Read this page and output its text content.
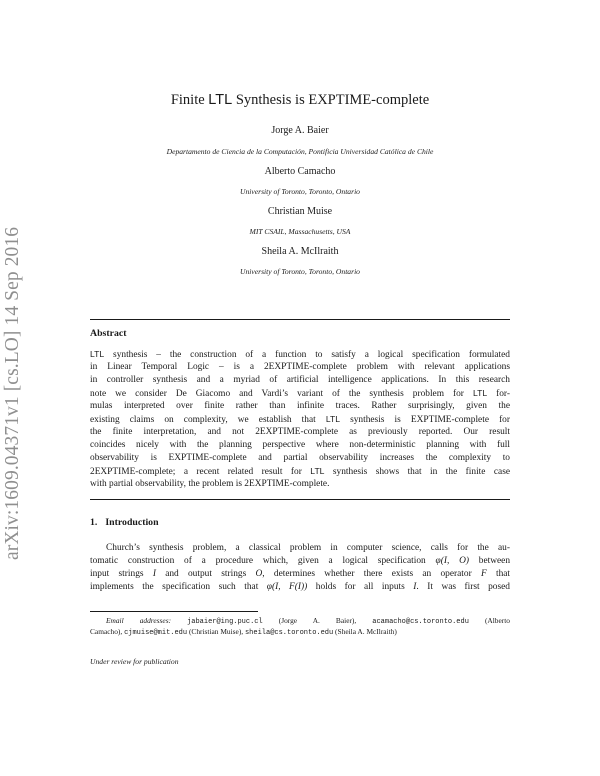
arXiv:1609.04371v1 [cs.LO] 14 Sep 2016
Finite LTL Synthesis is EXPTIME-complete
Jorge A. Baier
Departamento de Ciencia de la Computación, Pontificia Universidad Católica de Chile
Alberto Camacho
University of Toronto, Toronto, Ontario
Christian Muise
MIT CSAIL, Massachusetts, USA
Sheila A. McIlraith
University of Toronto, Toronto, Ontario
Abstract
LTL synthesis – the construction of a function to satisfy a logical specification formulated
in Linear Temporal Logic – is a 2EXPTIME-complete problem with relevant applications
in controller synthesis and a myriad of artificial intelligence applications. In this research
note we consider De Giacomo and Vardi’s variant of the synthesis problem for LTL for-
mulas interpreted over finite rather than infinite traces. Rather surprisingly, given the
existing claims on complexity, we establish that LTL synthesis is EXPTIME-complete for
the finite interpretation, and not 2EXPTIME-complete as previously reported. Our result
coincides nicely with the planning perspective where non-deterministic planning with full
observability is EXPTIME-complete and partial observability increases the complexity to
2EXPTIME-complete; a recent related result for LTL synthesis shows that in the finite case
with partial observability, the problem is 2EXPTIME-complete.
1. Introduction
Church’s synthesis problem, a classical problem in computer science, calls for the au-
tomatic construction of a procedure which, given a logical specification φ(I, O) between
input strings I and output strings O, determines whether there exists an operator F that
implements the specification such that φ(I, F(I)) holds for all inputs I. It was first posed
Email addresses: jabaier@ing.puc.cl (Jorge A. Baier), acamacho@cs.toronto.edu (Alberto
Camacho), cjmuise@mit.edu (Christian Muise), sheila@cs.toronto.edu (Sheila A. McIlraith)
Under review for publication
